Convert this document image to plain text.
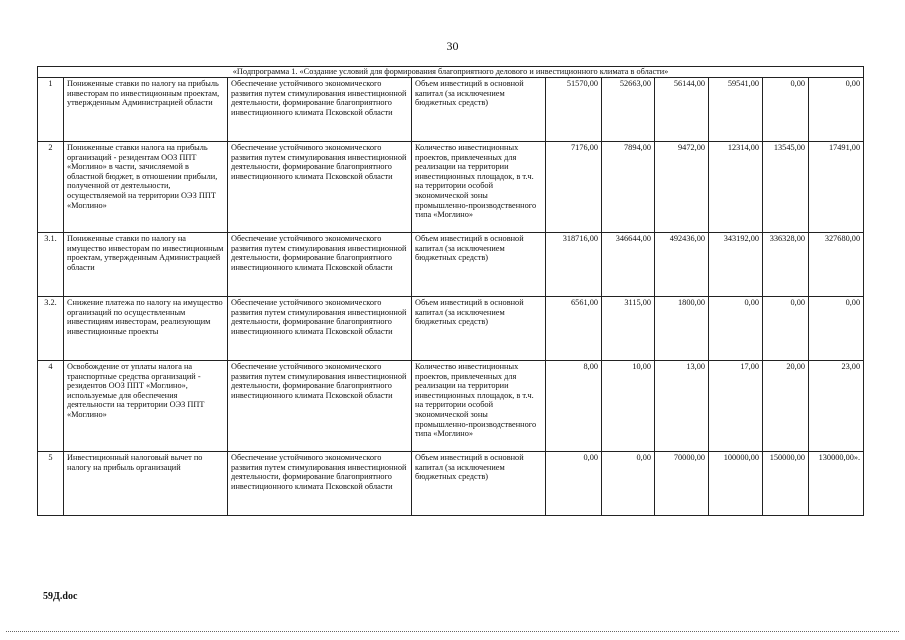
30
«Подпрограмма 1. «Создание условий для формирования благоприятного делового и инвестиционного климата в области»									
1	Пониженные ставки по налогу на прибыль инвесторам по инвестиционным проектам, утвержденным Администрацией области	Обеспечение устойчивого экономического развития путем стимулирования инвестиционной деятельности, формирование благоприятного инвестиционного климата Псковской области	Объем инвестиций в основной капитал (за исключением бюджетных средств)	51570,00	52663,00	56144,00	59541,00	0,00	0,00
2	Пониженные ставки налога на прибыль организаций - резидентам ООЗ ППТ «Моглино» в части, зачисляемой в областной бюджет, в отношении прибыли, полученной от деятельности, осуществляемой на территории ОЭЗ ППТ «Моглино»	Обеспечение устойчивого экономического развития путем стимулирования инвестиционной деятельности, формирование благоприятного инвестиционного климата Псковской области	Количество инвестиционных проектов, привлеченных для реализации на территории инвестиционных площадок, в т.ч. на территории особой экономической зоны промышленно-производственного типа «Моглино»	7176,00	7894,00	9472,00	12314,00	13545,00	17491,00
3.1.	Пониженные ставки по налогу на имущество инвесторам по инвестиционным проектам, утвержденным Администрацией области	Обеспечение устойчивого экономического развития путем стимулирования инвестиционной деятельности, формирование благоприятного инвестиционного климата Псковской области	Объем инвестиций в основной капитал (за исключением бюджетных средств)	318716,00	346644,00	492436,00	343192,00	336328,00	327680,00
3.2.	Снижение платежа по налогу на имущество организаций по осуществленным инвестициям инвесторам, реализующим инвестиционные проекты	Обеспечение устойчивого экономического развития путем стимулирования инвестиционной деятельности, формирование благоприятного инвестиционного климата Псковской области	Объем инвестиций в основной капитал (за исключением бюджетных средств)	6561,00	3115,00	1800,00	0,00	0,00	0,00
4	Освобождение от уплаты налога на транспортные средства организаций - резидентов ООЗ ППТ «Моглино», используемые для обеспечения деятельности на территории ОЭЗ ППТ «Моглино»	Обеспечение устойчивого экономического развития путем стимулирования инвестиционной деятельности, формирование благоприятного инвестиционного климата Псковской области	Количество инвестиционных проектов, привлеченных для реализации на территории инвестиционных площадок, в т.ч. на территории особой экономической зоны промышленно-производственного типа «Моглино»	8,00	10,00	13,00	17,00	20,00	23,00
5	Инвестиционный налоговый вычет по налогу на прибыль организаций	Обеспечение устойчивого экономического развития путем стимулирования инвестиционной деятельности, формирование благоприятного инвестиционного климата Псковской области	Объем инвестиций в основной капитал (за исключением бюджетных средств)	0,00	0,00	70000,00	100000,00	150000,00	130000,00».
59Д.doc
